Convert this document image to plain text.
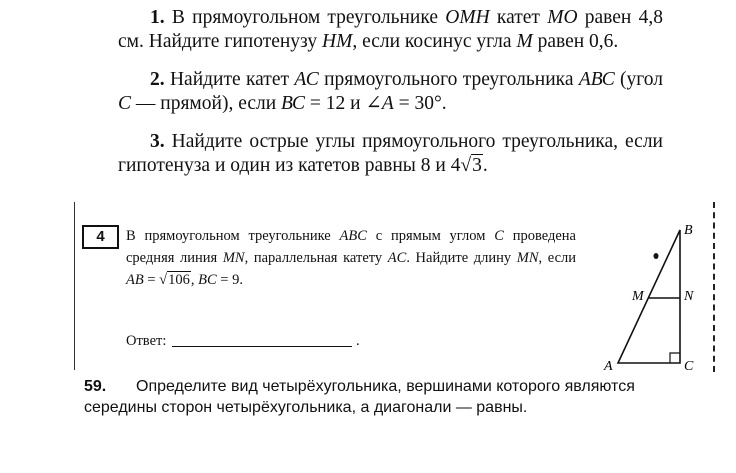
1. В прямоугольном треугольнике ОМН катет МО равен 4,8 см. Найдите гипотенузу НМ, если косинус угла М равен 0,6.

2. Найдите катет АС прямоугольного треугольника АВС (угол С — прямой), если ВС = 12 и ∠А = 30°.

3. Найдите острые углы прямоугольного треугольника, если гипотенуза и один из катетов равны 8 и 4√3.

4	В прямоугольном треугольнике ABC с прямым углом C проведена средняя линия MN, параллельная катету AC. Найдите длину MN, если AB = √106, BC = 9.
Ответ:	.
B
M	N
A	C
59. Определите вид четырёхугольника, вершинами которого являются середины сторон четырёхугольника, а диагонали — равны.
